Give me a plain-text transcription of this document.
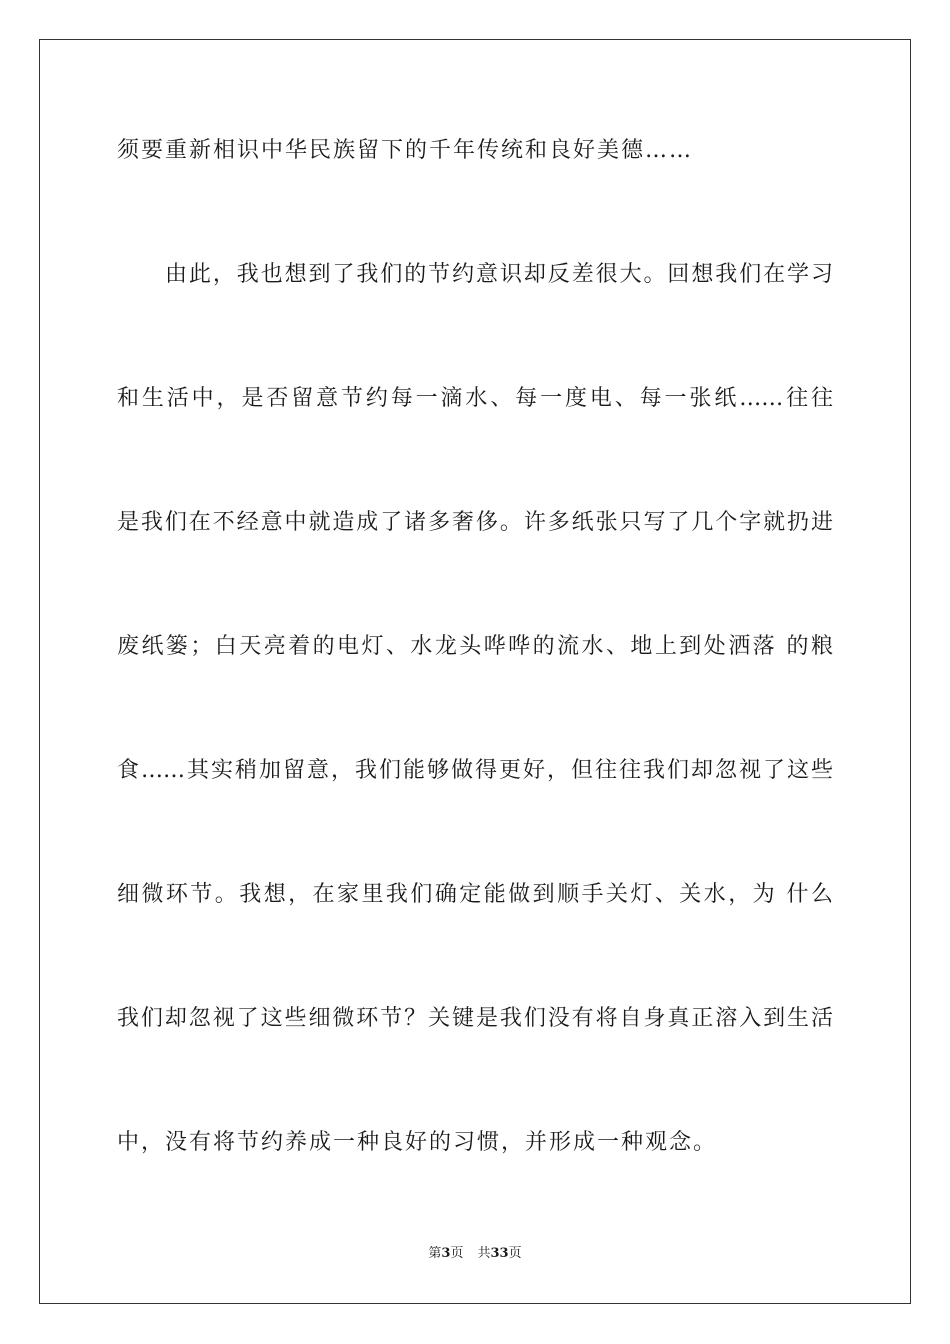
须要重新相识中华民族留下的千年传统和良好美德……
由此，我也想到了我们的节约意识却反差很大。回想我们在学习
和生活中，是否留意节约每一滴水、每一度电、每一张纸……往往
是我们在不经意中就造成了诸多奢侈。许多纸张只写了几个字就扔进
废纸篓；白天亮着的电灯、水龙头哗哗的流水、地上到处洒落 的粮
食……其实稍加留意，我们能够做得更好，但往往我们却忽视了这些
细微环节。我想，在家里我们确定能做到顺手关灯、关水，为 什么
我们却忽视了这些细微环节？关键是我们没有将自身真正溶入到生活
中，没有将节约养成一种良好的习惯，并形成一种观念。
第3页 共33页
